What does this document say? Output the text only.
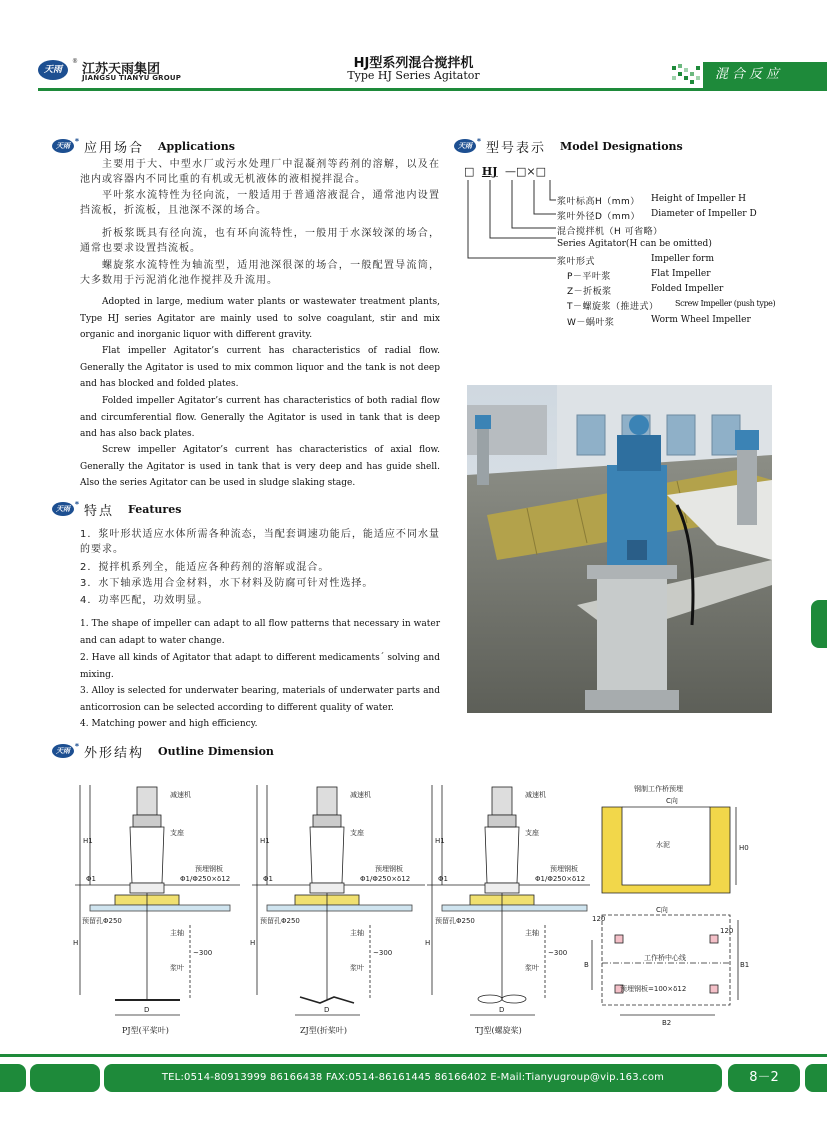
天雨
®
江苏天雨集团
JIANGSU TIANYU GROUP
HJ型系列混合搅拌机
Type HJ Series Agitator	混合反应
天雨 *	应用场合 Applications
主要用于大、中型水厂或污水处理厂中混凝剂等药剂的溶解，以及在池内或容器内不同比重的有机或无机液体的液相搅拌混合。
平叶浆水流特性为径向流，一般适用于普通溶液混合，通常池内设置挡流板，折流板，且池深不深的场合。
折板浆既具有径向流，也有环向流特性，一般用于水深较深的场合，通常也要求设置挡流板。
螺旋浆水流特性为轴流型，适用池深很深的场合，一般配置导流筒，大多数用于污泥消化池作搅拌及升流用。
Adopted in large, medium water plants or wastewater treatment plants, Type HJ series Agitator are mainly used to solve coagulant, stir and mix organic and inorganic liquor with different gravity.
Flat impeller Agitator’s current has characteristics of radial flow. Generally the Agitator is used to mix common liquor and the tank is not deep and has blocked and folded plates.
Folded impeller Agitator’s current has characteristics of both radial flow and circumferential flow. Generally the Agitator is used in tank that is deep and has also back plates.
Screw impeller Agitator’s current has characteristics of axial flow. Generally the Agitator is used in tank that is very deep and has guide shell. Also the series Agitator can be used in sludge slaking stage.
天雨 *	特点 Features
1．浆叶形状适应水体所需各种流态，当配套调速功能后，能适应不同水量的要求。
2．搅拌机系列全，能适应各种药剂的溶解或混合。
3．水下轴承选用合金材料，水下材料及防腐可针对性选择。
4．功率匹配，功效明显。
1. The shape of impeller can adapt to all flow patterns that necessary in water and can adapt to water change.
2. Have all kinds of Agitator that adapt to different medicaments´ solving and mixing.
3. Alloy is selected for underwater bearing, materials of underwater parts and anticorrosion can be selected according to different quality of water.
4. Matching power and high efficiency.
天雨 *	型号表示 Model Designations
□ HJ —□×□
浆叶标高H（mm） Height of Impeller H
浆叶外径D（mm） Diameter of Impeller D
混合搅拌机（H 可省略）
Series Agitator(H can be omitted)
浆叶形式	Impeller form
P－平叶浆	Flat Impeller
Z－折板浆	Folded Impeller
T－螺旋浆（推进式） Screw Impeller (push type)
W－蜗叶浆	Worm Wheel Impeller
天雨 *	外形结构 Outline Dimension
减速机
支座
预埋钢板
Φ1/Φ250×δ12
Φ1
预留孔Φ250
主轴
浆叶
H1
H
~300
D
PJ型(平桨叶)
减速机
支座
预埋钢板
Φ1/Φ250×δ12
Φ1
预留孔Φ250
主轴
浆叶
H1
H
~300
D
ZJ型(折桨叶)
减速机
支座
预埋钢板
Φ1/Φ250×δ12
Φ1
预留孔Φ250
主轴
浆叶
H1
H
~300
D
TJ型(螺旋桨)
钢制工作桥预埋
C向
水泥	H0
C向
120
120
工作桥中心线
B	B1
预埋钢板=100×δ12
B2
TEL:0514-80913999 86166438 FAX:0514-86161445 86166402 E-Mail:Tianyugroup@vip.163.com	8－2
